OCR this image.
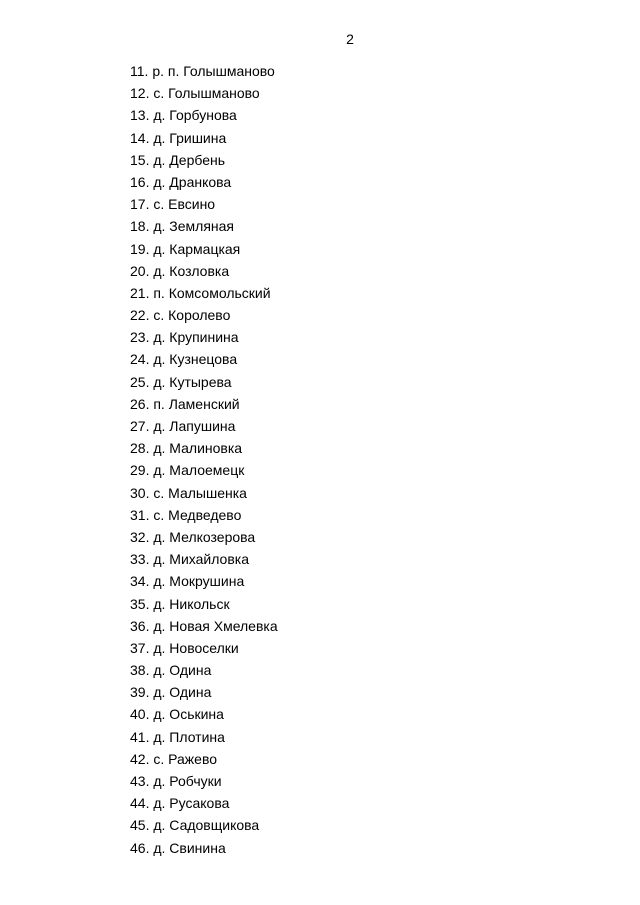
2
11. р. п. Голышманово
12. с. Голышманово
13. д. Горбунова
14. д. Гришина
15. д. Дербень
16. д. Дранкова
17. с. Евсино
18. д. Земляная
19. д. Кармацкая
20. д. Козловка
21. п. Комсомольский
22. с. Королево
23. д. Крупинина
24. д. Кузнецова
25. д. Кутырева
26. п. Ламенский
27. д. Лапушина
28. д. Малиновка
29. д. Малоемецк
30. с. Малышенка
31. с. Медведево
32. д. Мелкозерова
33. д. Михайловка
34. д. Мокрушина
35. д. Никольск
36. д. Новая Хмелевка
37. д. Новоселки
38. д. Одина
39. д. Одина
40. д. Оськина
41. д. Плотина
42. с. Ражево
43. д. Робчуки
44. д. Русакова
45. д. Садовщикова
46. д. Свинина
